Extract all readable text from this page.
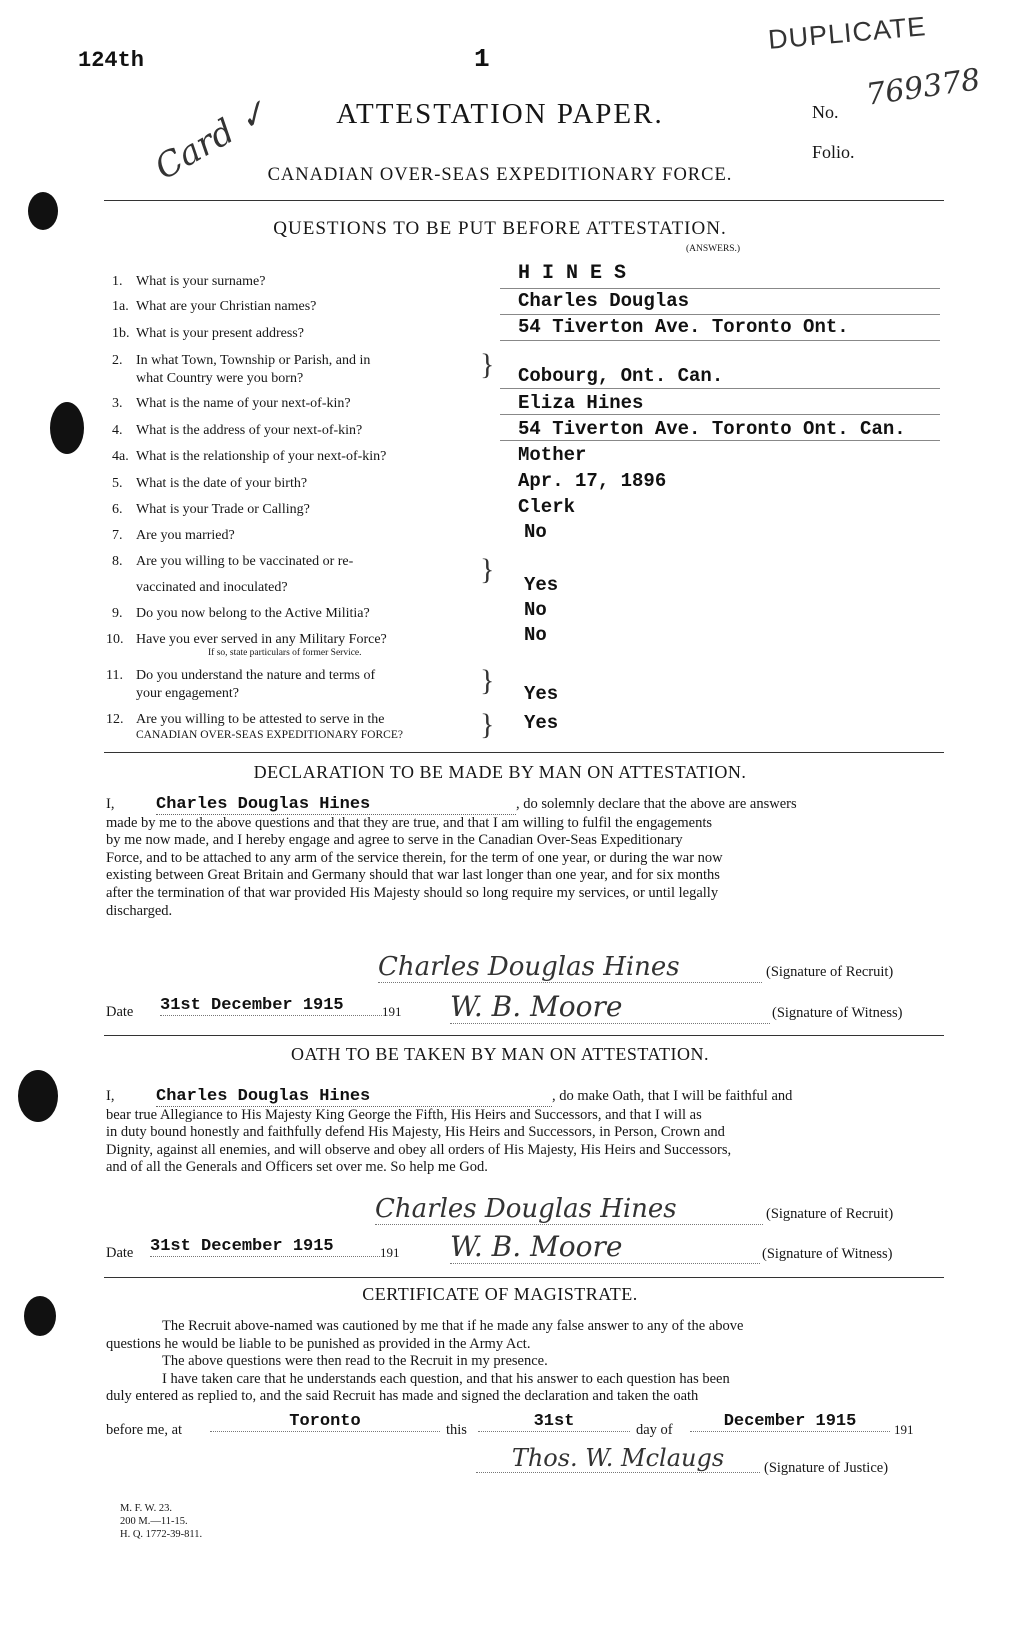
124th	1
DUPLICATE
Card ✓	ATTESTATION PAPER.	No. 769378
Folio.
CANADIAN OVER-SEAS EXPEDITIONARY FORCE.
QUESTIONS TO BE PUT BEFORE ATTESTATION.
(ANSWERS.)
1. What is your surname?	H I N E S
1a. What are your Christian names?	Charles Douglas
1b. What is your present address?	54 Tiverton Ave. Toronto Ont.
2. In what Town, Township or Parish, and in
what Country were you born?	Cobourg, Ont. Can.
3. What is the name of your next-of-kin?	Eliza Hines
4. What is the address of your next-of-kin?	54 Tiverton Ave. Toronto Ont. Can.
4a. What is the relationship of your next-of-kin?	Mother
5. What is the date of your birth?	Apr. 17, 1896
6. What is your Trade or Calling?	Clerk
7. Are you married?	No
8. Are you willing to be vaccinated or re-
vaccinated and inoculated?	Yes
9. Do you now belong to the Active Militia?	No
10. Have you ever served in any Military Force?
If so, state particulars of former Service.
No
11. Do you understand the nature and terms of
your engagement?	Yes
12. Are you willing to be attested to serve in the
CANADIAN OVER-SEAS EXPEDITIONARY FORCE?
Yes
}
}
}
}
DECLARATION TO BE MADE BY MAN ON ATTESTATION.
I, Charles Douglas Hines	, do solemnly declare that the above are answers
made by me to the above questions and that they are true, and that I am willing to fulfil the engagements
by me now made, and I hereby engage and agree to serve in the Canadian Over-Seas Expeditionary
Force, and to be attached to any arm of the service therein, for the term of one year, or during the war now
existing between Great Britain and Germany should that war last longer than one year, and for six months
after the termination of that war provided His Majesty should so long require my services, or until legally
discharged.
Charles Douglas Hines	(Signature of Recruit)
Date 31st December 1915	191 W. B. Moore	(Signature of Witness)
OATH TO BE TAKEN BY MAN ON ATTESTATION.
I, Charles Douglas Hines	, do make Oath, that I will be faithful and
bear true Allegiance to His Majesty King George the Fifth, His Heirs and Successors, and that I will as
in duty bound honestly and faithfully defend His Majesty, His Heirs and Successors, in Person, Crown and
Dignity, against all enemies, and will observe and obey all orders of His Majesty, His Heirs and Successors,
and of all the Generals and Officers set over me. So help me God.
Charles Douglas Hines	(Signature of Recruit)
Date 31st December 1915	191 W. B. Moore	(Signature of Witness)
CERTIFICATE OF MAGISTRATE.
The Recruit above-named was cautioned by me that if he made any false answer to any of the above
questions he would be liable to be punished as provided in the Army Act.
The above questions were then read to the Recruit in my presence.
I have taken care that he understands each question, and that his answer to each question has been
duly entered as replied to, and the said Recruit has made and signed the declaration and taken the oath
before me, at	Toronto	this	31st	day of	December 1915	191
Thos. W. Mclaugs	(Signature of Justice)
M. F. W. 23.
200 M.—11-15.
H. Q. 1772-39-811.
